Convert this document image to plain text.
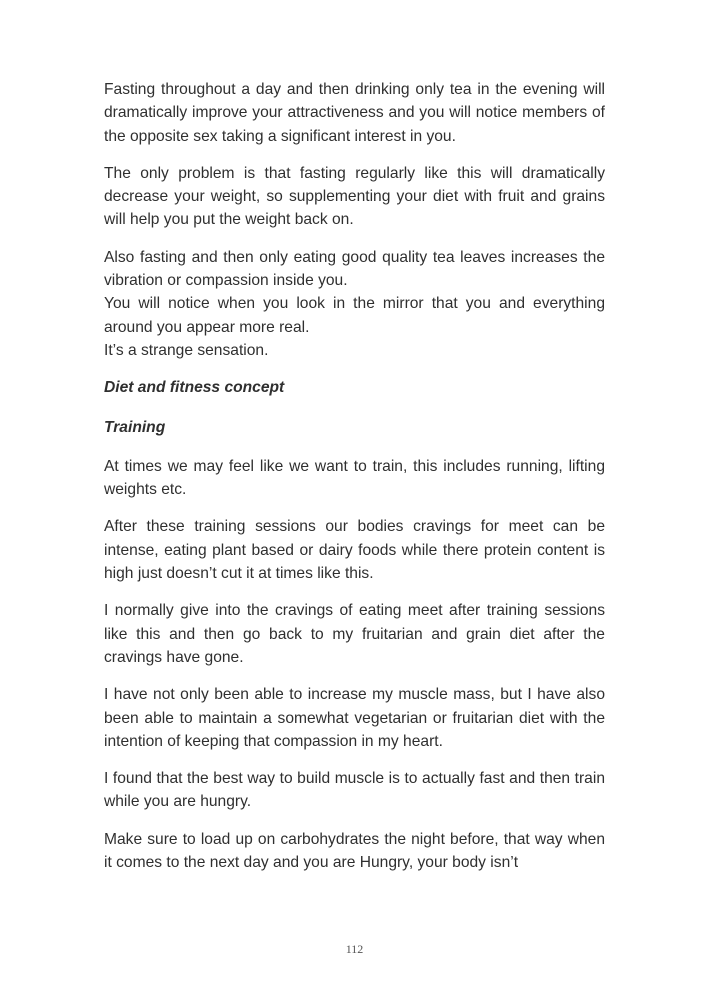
Fasting throughout a day and then drinking only tea in the evening will dramatically improve your attractiveness and you will notice members of the opposite sex taking a significant interest in you.

The only problem is that fasting regularly like this will dramatically decrease your weight, so supplementing your diet with fruit and grains will help you put the weight back on.

Also fasting and then only eating good quality tea leaves increases the vibration or compassion inside you.
You will notice when you look in the mirror that you and everything around you appear more real.
It’s a strange sensation.

Diet and fitness concept

Training

At times we may feel like we want to train, this includes running, lifting weights etc.

After these training sessions our bodies cravings for meet can be intense, eating plant based or dairy foods while there protein content is high just doesn’t cut it at times like this.

I normally give into the cravings of eating meet after training sessions like this and then go back to my fruitarian and grain diet after the cravings have gone.

I have not only been able to increase my muscle mass, but I have also been able to maintain a somewhat vegetarian or fruitarian diet with the intention of keeping that compassion in my heart.

I found that the best way to build muscle is to actually fast and then train while you are hungry.

Make sure to load up on carbohydrates the night before, that way when it comes to the next day and you are Hungry, your body isn’t

112
